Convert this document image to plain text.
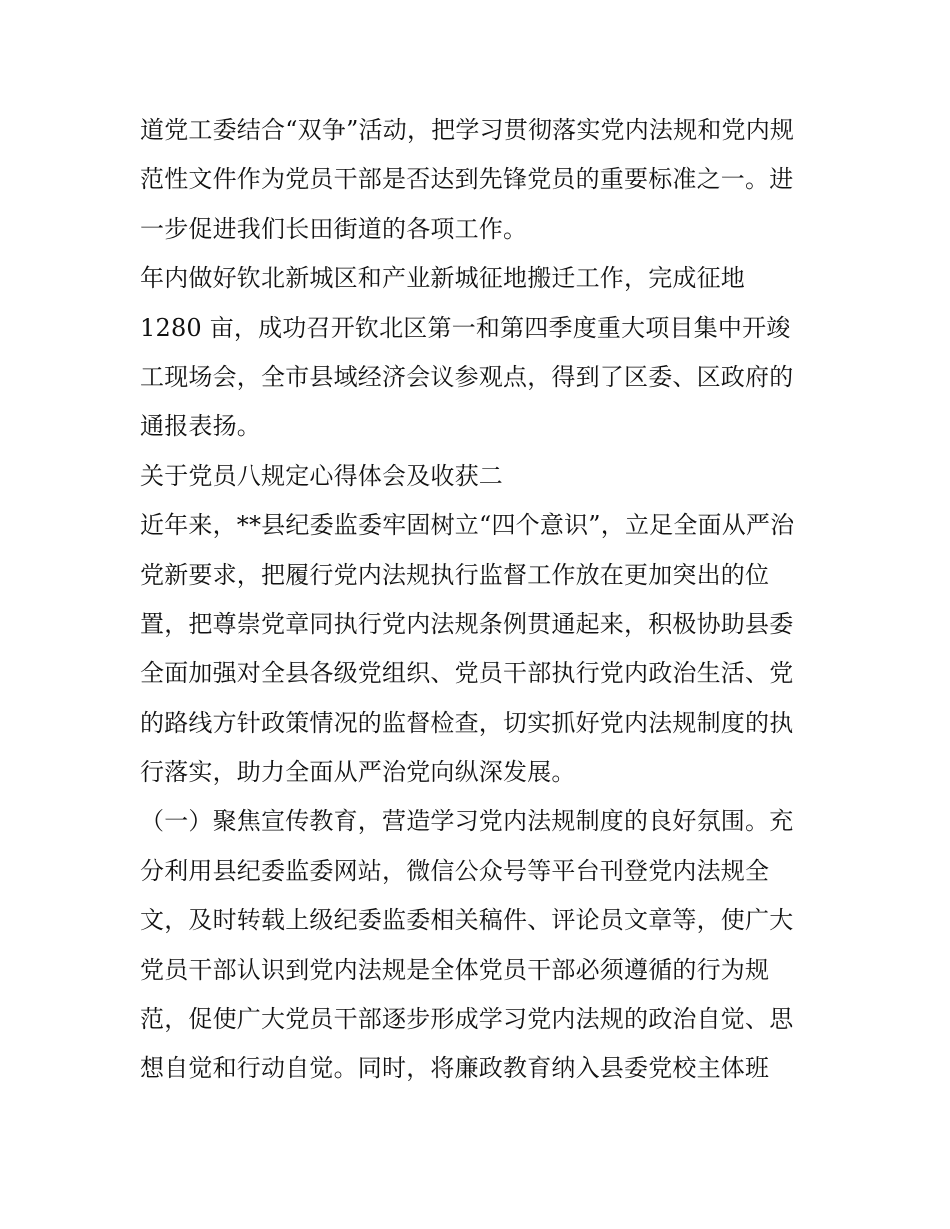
道党工委结合“双争”活动，把学习贯彻落实党内法规和党内规
范性文件作为党员干部是否达到先锋党员的重要标准之一。进
一步促进我们长田街道的各项工作。
年内做好钦北新城区和产业新城征地搬迁工作，完成征地
1280 亩，成功召开钦北区第一和第四季度重大项目集中开竣
工现场会，全市县域经济会议参观点，得到了区委、区政府的
通报表扬。
关于党员八规定心得体会及收获二
近年来，**县纪委监委牢固树立“四个意识”，立足全面从严治
党新要求，把履行党内法规执行监督工作放在更加突出的位
置，把尊崇党章同执行党内法规条例贯通起来，积极协助县委
全面加强对全县各级党组织、党员干部执行党内政治生活、党
的路线方针政策情况的监督检查，切实抓好党内法规制度的执
行落实，助力全面从严治党向纵深发展。
（一）聚焦宣传教育，营造学习党内法规制度的良好氛围。充
分利用县纪委监委网站，微信公众号等平台刊登党内法规全
文，及时转载上级纪委监委相关稿件、评论员文章等，使广大
党员干部认识到党内法规是全体党员干部必须遵循的行为规
范，促使广大党员干部逐步形成学习党内法规的政治自觉、思
想自觉和行动自觉。同时，将廉政教育纳入县委党校主体班
